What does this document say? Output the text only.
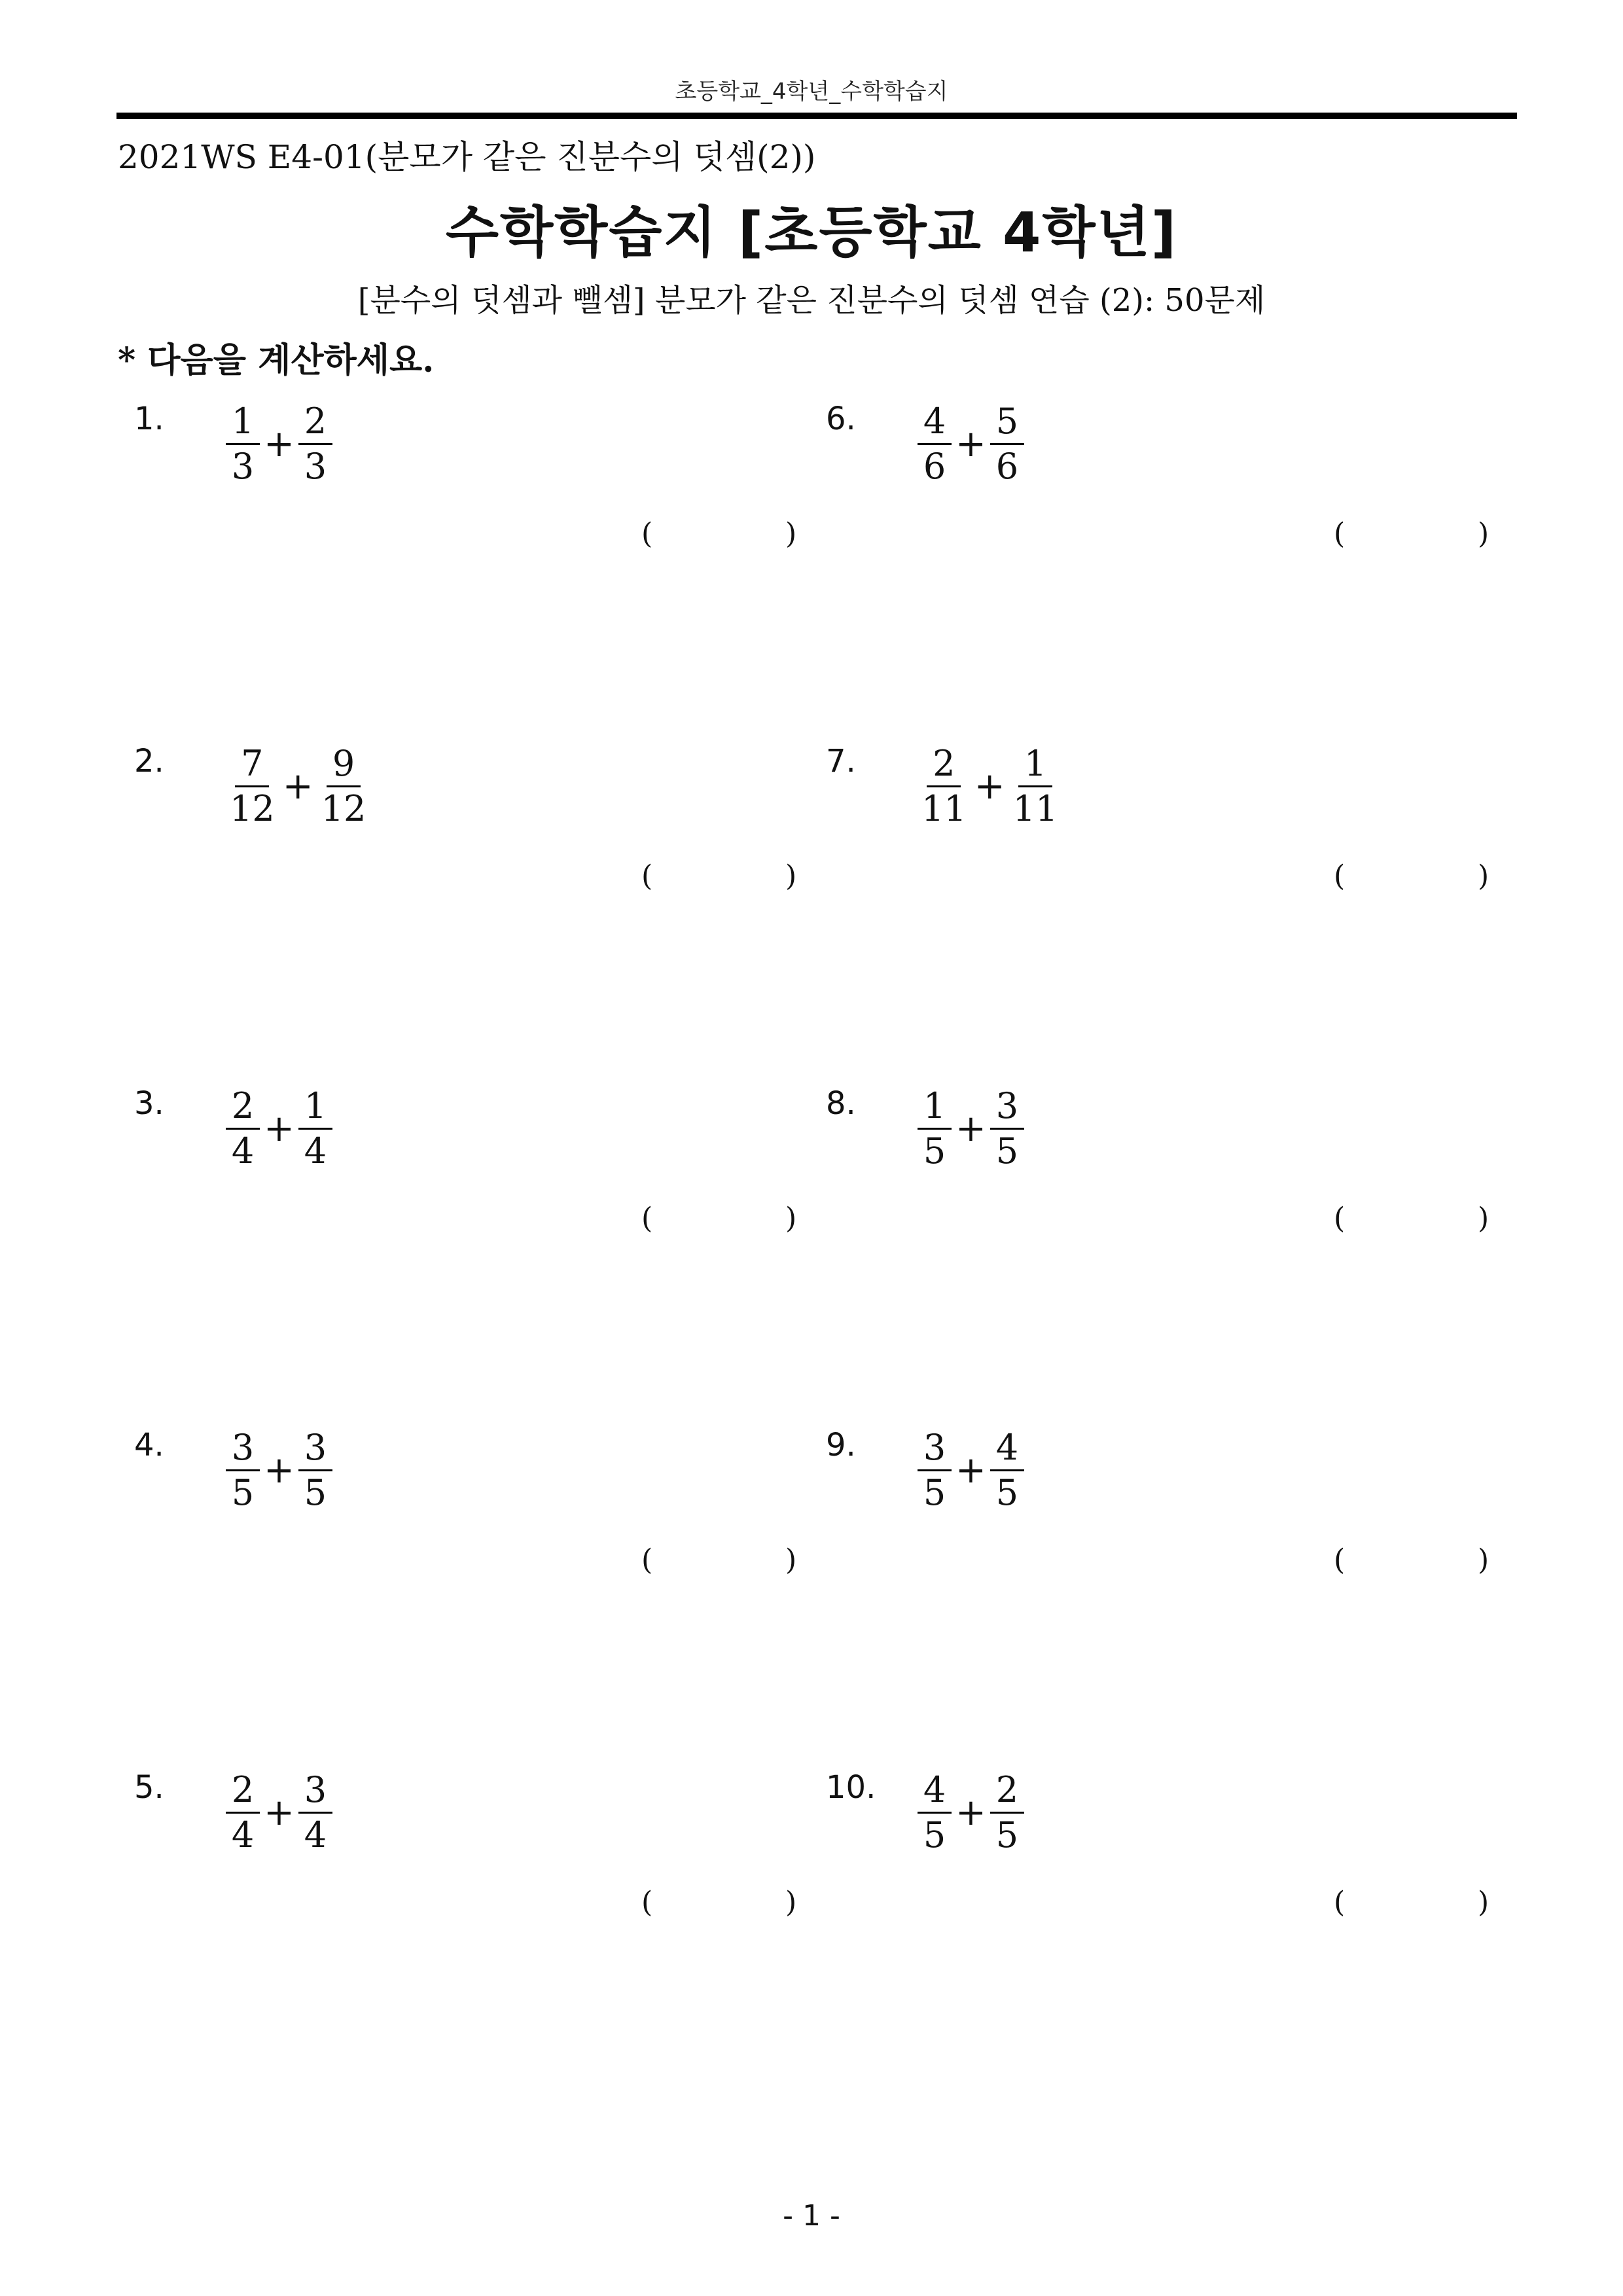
초등학교_4학년_수학학습지
2021WS E4-01(분모가 같은 진분수의 덧셈(2))
수학학습지 [초등학교 4학년]
[분수의 덧셈과 뺄셈] 분모가 같은 진분수의 덧셈 연습 (2): 50문제
* 다음을 계산하세요.
1. $\frac{1}{3} + \frac{2}{3}$
(	)
2. $\frac{7}{12} + \frac{9}{12}$
(	)
3. $\frac{2}{4} + \frac{1}{4}$
(	)
4. $\frac{3}{5} + \frac{3}{5}$
(	)
5. $\frac{2}{4} + \frac{3}{4}$
(	)
6. $\frac{4}{6} + \frac{5}{6}$
(	)
7. $\frac{2}{11} + \frac{1}{11}$
(	)
8. $\frac{1}{5} + \frac{3}{5}$
(	)
9. $\frac{3}{5} + \frac{4}{5}$
(	)
10. $\frac{4}{5} + \frac{2}{5}$
(	)
- 1 -
